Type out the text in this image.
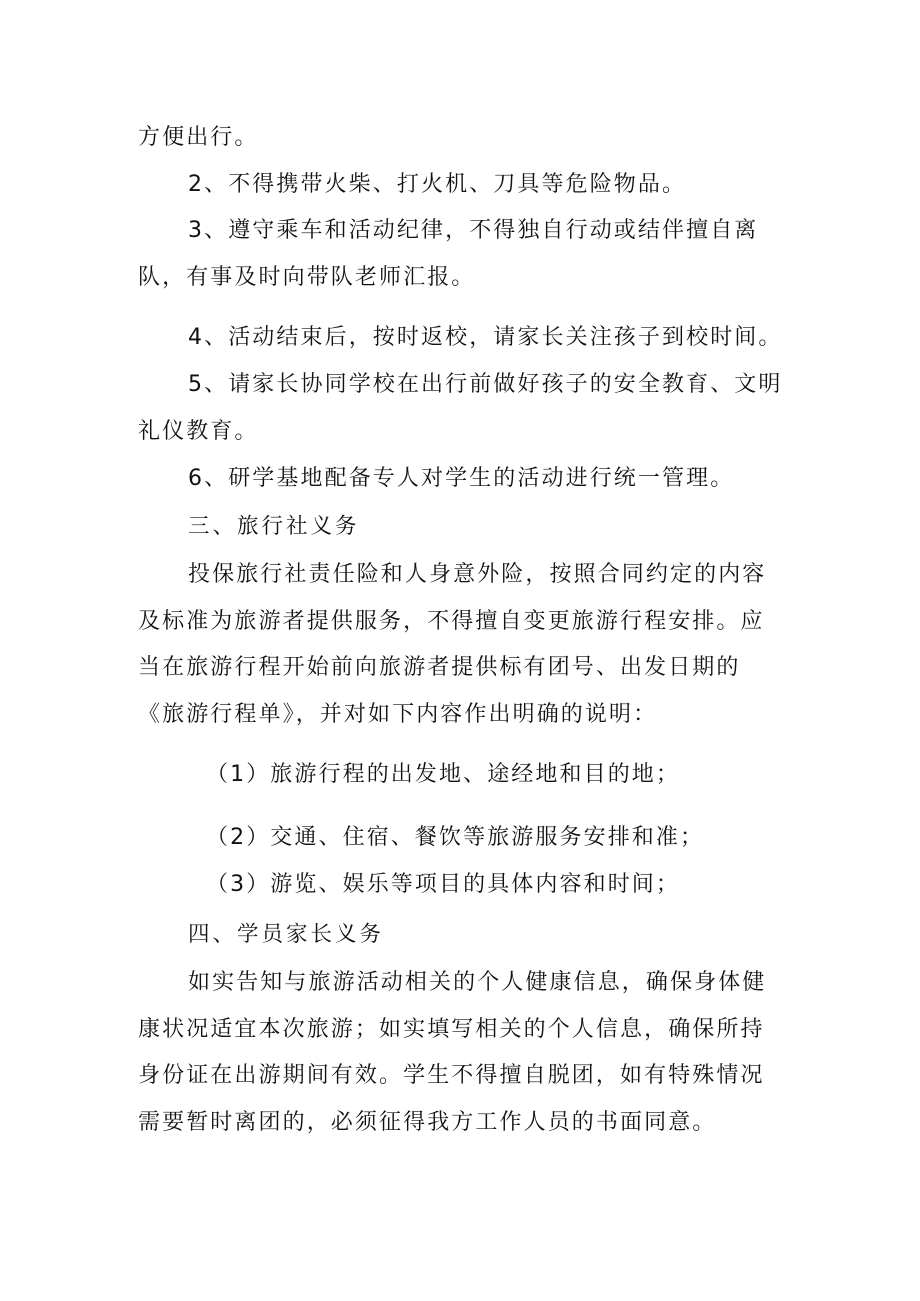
方便出行。

2、不得携带火柴、打火机、刀具等危险物品。

3、遵守乘车和活动纪律，不得独自行动或结伴擅自离队，有事及时向带队老师汇报。

4、活动结束后，按时返校，请家长关注孩子到校时间。

5、请家长协同学校在出行前做好孩子的安全教育、文明礼仪教育。

6、研学基地配备专人对学生的活动进行统一管理。

三、旅行社义务

投保旅行社责任险和人身意外险，按照合同约定的内容及标准为旅游者提供服务，不得擅自变更旅游行程安排。应当在旅游行程开始前向旅游者提供标有团号、出发日期的《旅游行程单》，并对如下内容作出明确的说明：

（1）旅游行程的出发地、途经地和目的地；

（2）交通、住宿、餐饮等旅游服务安排和准；

（3）游览、娱乐等项目的具体内容和时间；

四、学员家长义务

如实告知与旅游活动相关的个人健康信息，确保身体健康状况适宜本次旅游；如实填写相关的个人信息，确保所持身份证在出游期间有效。学生不得擅自脱团，如有特殊情况需要暂时离团的，必须征得我方工作人员的书面同意。
